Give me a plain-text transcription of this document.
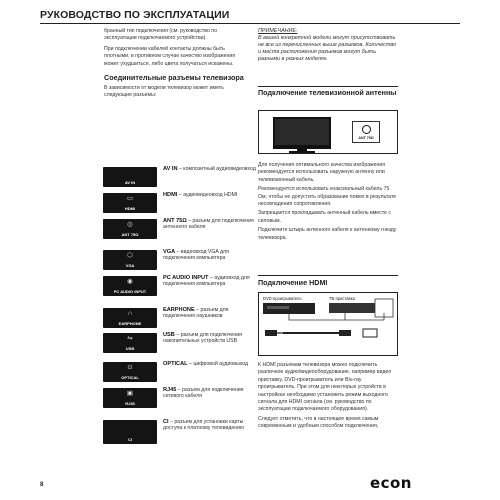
РУКОВОДСТВО ПО ЭКСПЛУАТАЦИИ

бранный тип подключения (см. руководство по эксплуатации подключаемого устройства).

При подключении кабелей контакты должны быть плотными, в противном случае качество изображения может ухудшиться, либо цвета получаться искажены.

Соединительные разъемы телевизора

В зависимости от модели телевизор может иметь следующие разъемы:

AV IN
AV IN – композитный аудиовидеовход
▭
HDMI
HDMI – аудиовидеовход HDMI
◎
ANT 75Ω
ANT 75Ω – разъем для подключения антенного кабеля
⬡
VGA
VGA – видеовход VGA для подключения компьютера
◉
PC AUDIO INPUT
PC AUDIO INPUT – аудиовход для подключения компьютера
∩
EARPHONE
EARPHONE – разъем для подключения наушников
⇋
USB
USB – разъем для подключения накопительных устройств USB
⊙
OPTICAL
OPTICAL – цифровой аудиовыход
▣
RJ45
RJ45 – разъем для подключения сетевого кабеля
CI
CI – разъем для установки карты доступа к платному телевидению
ПРИМЕЧАНИЕ:
В вашей конкретной модели могут присутствовать не все из перечисленных выше разъемов. Количество и места расположения разъемов могут быть разными в разных моделях.
Подключение телевизионной антенны
ANT 75Ω

Для получения оптимального качества изображения рекомендуется использовать наружную антенну или телевизионный кабель.

Рекомендуется использовать коаксиальный кабель 75 Ом, чтобы не допустить образование помех в результате несовпадения сопротивления.

Запрещается прокладывать антенный кабель вместе с силовым.

Подключите штырь антенного кабеля к антенному гнезду телевизора.

Подключение HDMI
DVD-проигрыватель	ТВ-приставка

К HDMI разъемам телевизора можно подключить различное аудио/видеооборудование, например видео приставку, DVD-проигрыватель или Blu-ray проигрыватель. При этом для некоторых устройств в настройках необходимо установить режим выходного сигнала для HDMI сигнала (см. руководство по эксплуатации подключаемого оборудования).

Следует отметить, что в настоящее время самым современным и удобным способом подключения,

8	econ
